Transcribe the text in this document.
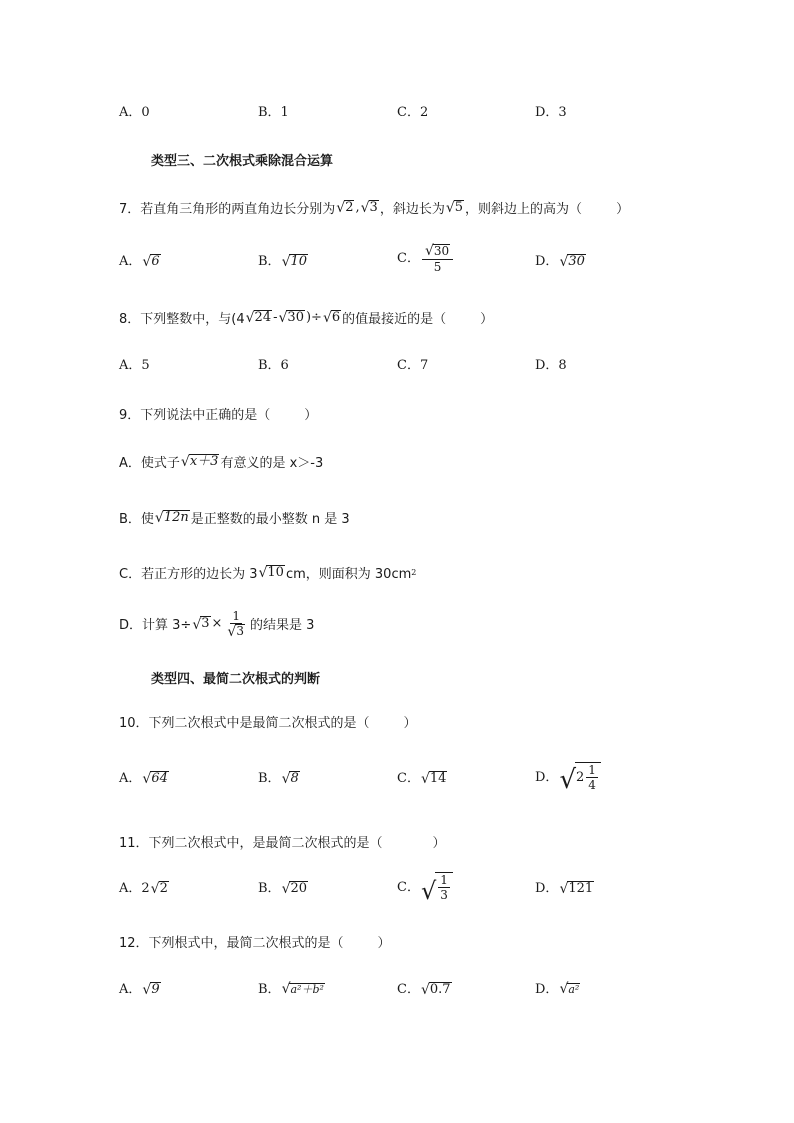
A．0	B．1	C．2	D．3
类型三、二次根式乘除混合运算
7．若直角三角形的两直角边长分别为 √ 2 , √ 3 ，斜边长为 √ 5 ，则斜边上的高为（	）
A． √ 6	B． √ 10	C． $\frac{√ 30}{5}$	D． √ 30
8．下列整数中，与(4 √ 24 - √ 30 )÷ √ 6 的值最接近的是（	）
A．5	B．6	C．7	D．8
9．下列说法中正确的是（	）
A．使式子 √ x＋3 有意义的是 x＞-3
B．使 √ 12n 是正整数的最小整数 n 是 3
C．若正方形的边长为 3 √ 10 cm，则面积为 30cm 2
D．计算 3÷ √ $3 \times \frac{1}{√ 3}$ 的结果是 3
类型四、最简二次根式的判断
10．下列二次根式中是最简二次根式的是（	）
A． √ 64	B． √ 8	C． √ 14	D． √ $2 \frac{1}{4}$
11．下列二次根式中，是最简二次根式的是（	）
A． 2 √ 2	B． √ 20	C． √ $\frac{1}{3}$	D． √ 121
12．下列根式中，最简二次根式的是（	）
A． √ 9	B． √ a²＋b²	C． √ 0.7	D． √ a²
